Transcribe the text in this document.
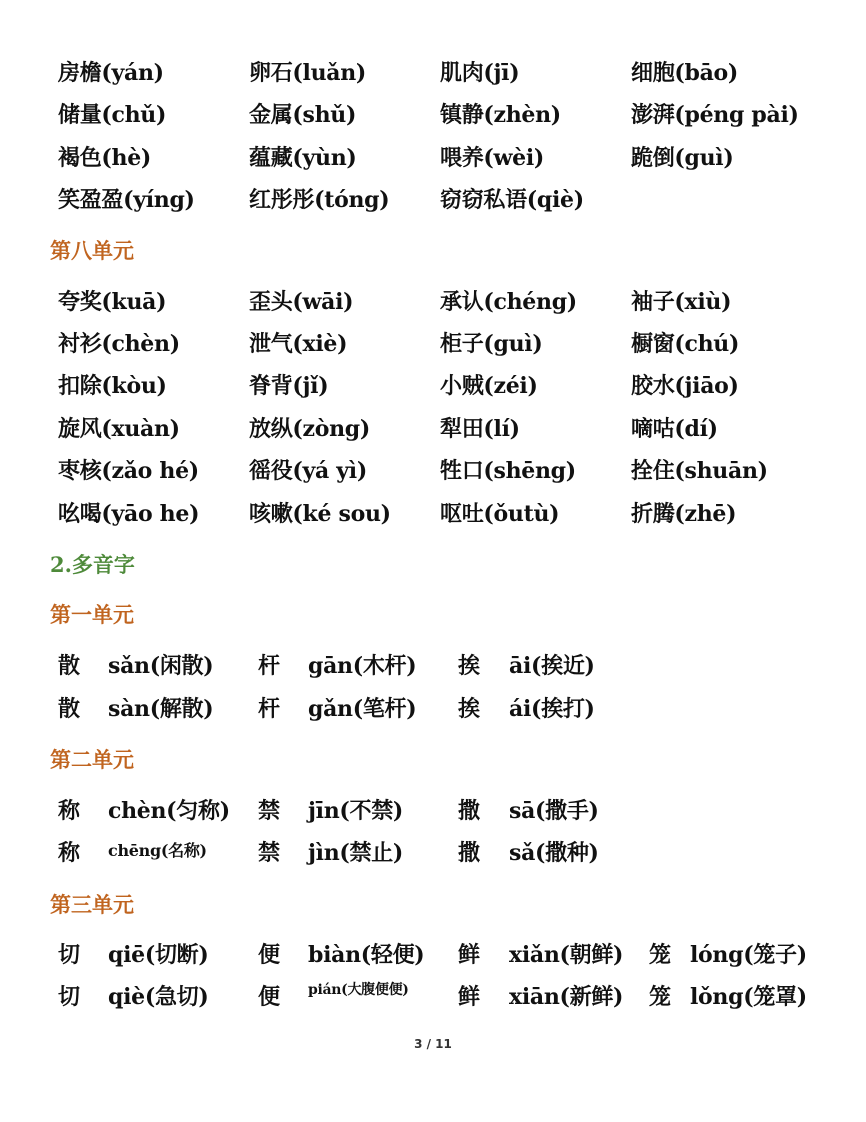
房檐(yán)	卵石(luǎn)	肌肉(jī)	细胞(bāo)
储量(chǔ)	金属(shǔ)	镇静(zhèn)	澎湃(péng pài)
褐色(hè)	蕴藏(yùn)	喂养(wèi)	跪倒(guì)
笑盈盈(yíng) 红彤彤(tóng) 窃窃私语(qiè)
第八单元
夸奖(kuā)	歪头(wāi)	承认(chéng) 袖子(xiù)
衬衫(chèn)	泄气(xiè)	柜子(guì)	橱窗(chú)
扣除(kòu)	脊背(jǐ)	小贼(zéi)	胶水(jiāo)
旋风(xuàn)	放纵(zòng)	犁田(lí)	嘀咕(dí)
枣核(zǎo hé) 徭役(yá yì)	牲口(shēng)	拴住(shuān)
吆喝(yāo he) 咳嗽(ké sou) 呕吐(ǒutù)	折腾(zhē)
2.多音字
第一单元
散 sǎn(闲散) 杆 gān(木杆) 挨 āi(挨近)
散 sàn(解散) 杆 gǎn(笔杆) 挨 ái(挨打)
第二单元
称 chèn(匀称) 禁 jīn(不禁) 撒 sā(撒手)
称 chēng(名称) 禁 jìn(禁止) 撒 sǎ(撒种)
第三单元
切 qiē(切断) 便 biàn(轻便) 鲜 xiǎn(朝鲜) 笼 lóng(笼子)
切 qiè(急切) 便 pián(大腹便便) 鲜 xiān(新鲜) 笼 lǒng(笼罩)
3 / 11
